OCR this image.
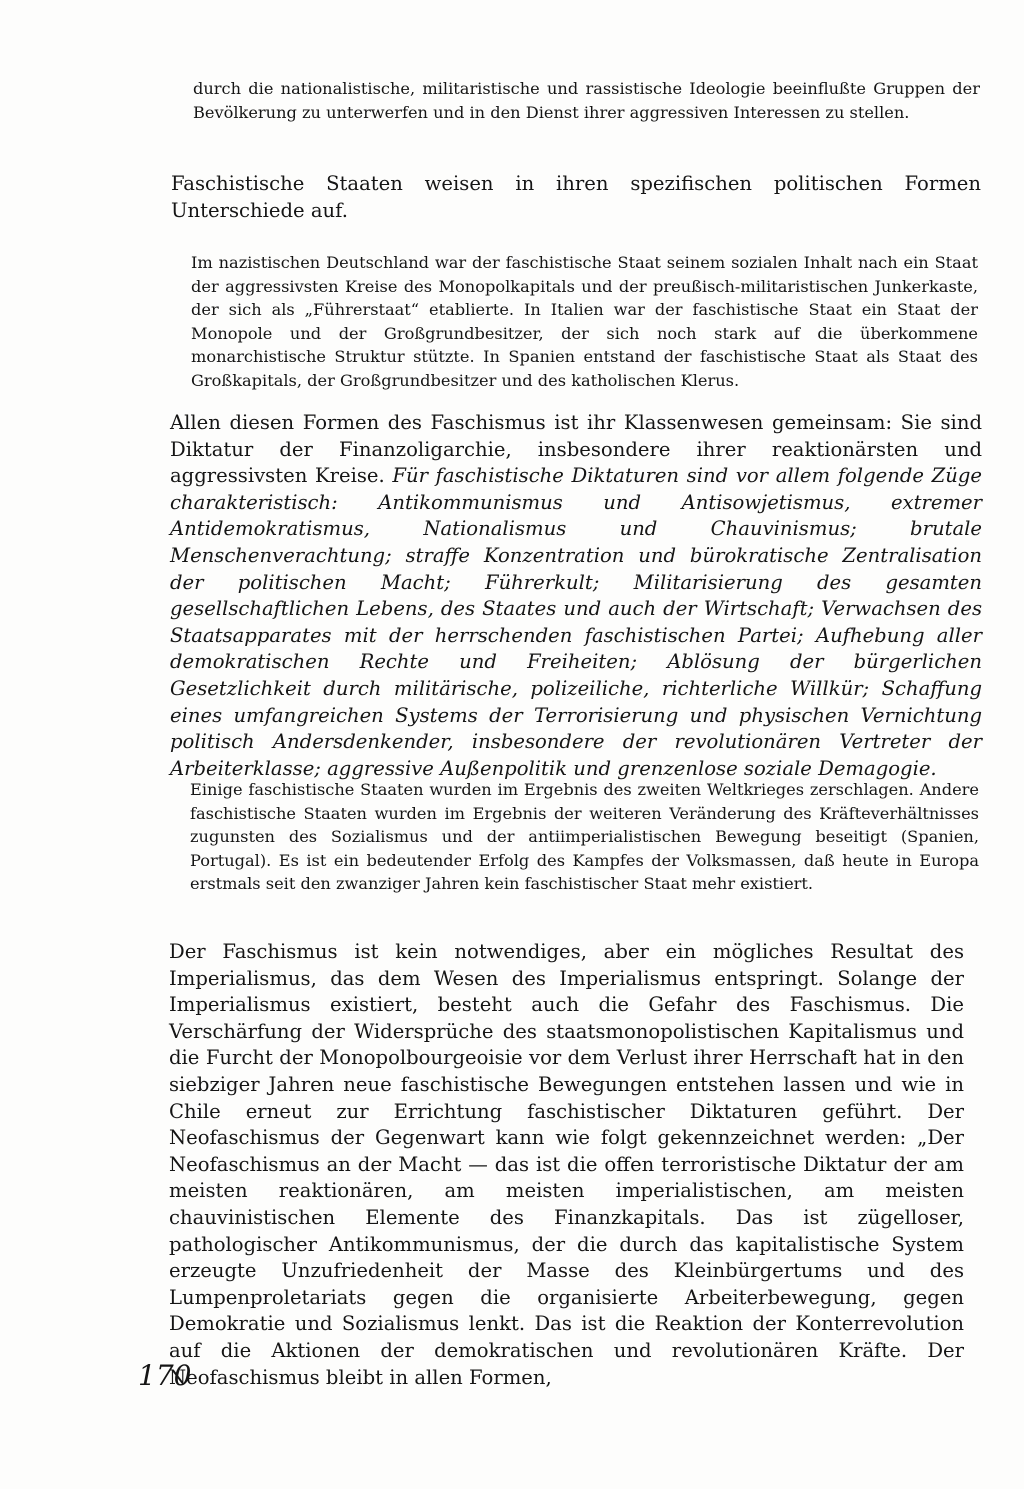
durch die nationalistische, militaristische und rassistische Ideologie beeinflußte Gruppen der Bevölkerung zu unterwerfen und in den Dienst ihrer aggressiven Interessen zu stellen.

Faschistische Staaten weisen in ihren spezifischen politischen Formen Unterschiede auf.

Im nazistischen Deutschland war der faschistische Staat seinem sozialen Inhalt nach ein Staat der aggressivsten Kreise des Monopolkapitals und der preußisch-militaristischen Junkerkaste, der sich als „Führerstaat“ etablierte. In Italien war der faschistische Staat ein Staat der Monopole und der Großgrundbesitzer, der sich noch stark auf die überkommene monarchistische Struktur stützte. In Spanien entstand der faschistische Staat als Staat des Großkapitals, der Großgrundbesitzer und des katholischen Klerus.

Allen diesen Formen des Faschismus ist ihr Klassenwesen gemeinsam: Sie sind Diktatur der Finanzoligarchie, insbesondere ihrer reaktionärsten und aggressivsten Kreise. Für faschistische Diktaturen sind vor allem folgende Züge charakteristisch: Antikommunismus und Antisowjetismus, extremer Antidemokratismus, Nationalismus und Chauvinismus; brutale Menschenverachtung; straffe Konzentration und bürokratische Zentralisation der politischen Macht; Führerkult; Militarisierung des gesamten gesellschaftlichen Lebens, des Staates und auch der Wirtschaft; Verwachsen des Staatsapparates mit der herrschenden faschistischen Partei; Aufhebung aller demokratischen Rechte und Freiheiten; Ablösung der bürgerlichen Gesetzlichkeit durch militärische, polizeiliche, richterliche Willkür; Schaffung eines umfangreichen Systems der Terrorisierung und physischen Vernichtung politisch Andersdenkender, insbesondere der revolutionären Vertreter der Arbeiterklasse; aggressive Außenpolitik und grenzenlose soziale Demagogie.

Einige faschistische Staaten wurden im Ergebnis des zweiten Weltkrieges zerschlagen. Andere faschistische Staaten wurden im Ergebnis der weiteren Veränderung des Kräfteverhältnisses zugunsten des Sozialismus und der antiimperialistischen Bewegung beseitigt (Spanien, Portugal). Es ist ein bedeutender Erfolg des Kampfes der Volksmassen, daß heute in Europa erstmals seit den zwanziger Jahren kein faschistischer Staat mehr existiert.

Der Faschismus ist kein notwendiges, aber ein mögliches Resultat des Imperialismus, das dem Wesen des Imperialismus entspringt. Solange der Imperialismus existiert, besteht auch die Gefahr des Faschismus. Die Verschärfung der Widersprüche des staatsmonopolistischen Kapitalismus und die Furcht der Monopolbourgeoisie vor dem Verlust ihrer Herrschaft hat in den siebziger Jahren neue faschistische Bewegungen entstehen lassen und wie in Chile erneut zur Errichtung faschistischer Diktaturen geführt. Der Neofaschismus der Gegenwart kann wie folgt gekennzeichnet werden: „Der Neofaschismus an der Macht — das ist die offen terroristische Diktatur der am meisten reaktionären, am meisten imperialistischen, am meisten chauvinistischen Elemente des Finanzkapitals. Das ist zügelloser, pathologischer Antikommunismus, der die durch das kapitalistische System erzeugte Unzufriedenheit der Masse des Kleinbürgertums und des Lumpenproletariats gegen die organisierte Arbeiterbewegung, gegen Demokratie und Sozialismus lenkt. Das ist die Reaktion der Konterrevolution auf die Aktionen der demokratischen und revolutionären Kräfte. Der Neofaschismus bleibt in allen Formen,

170
